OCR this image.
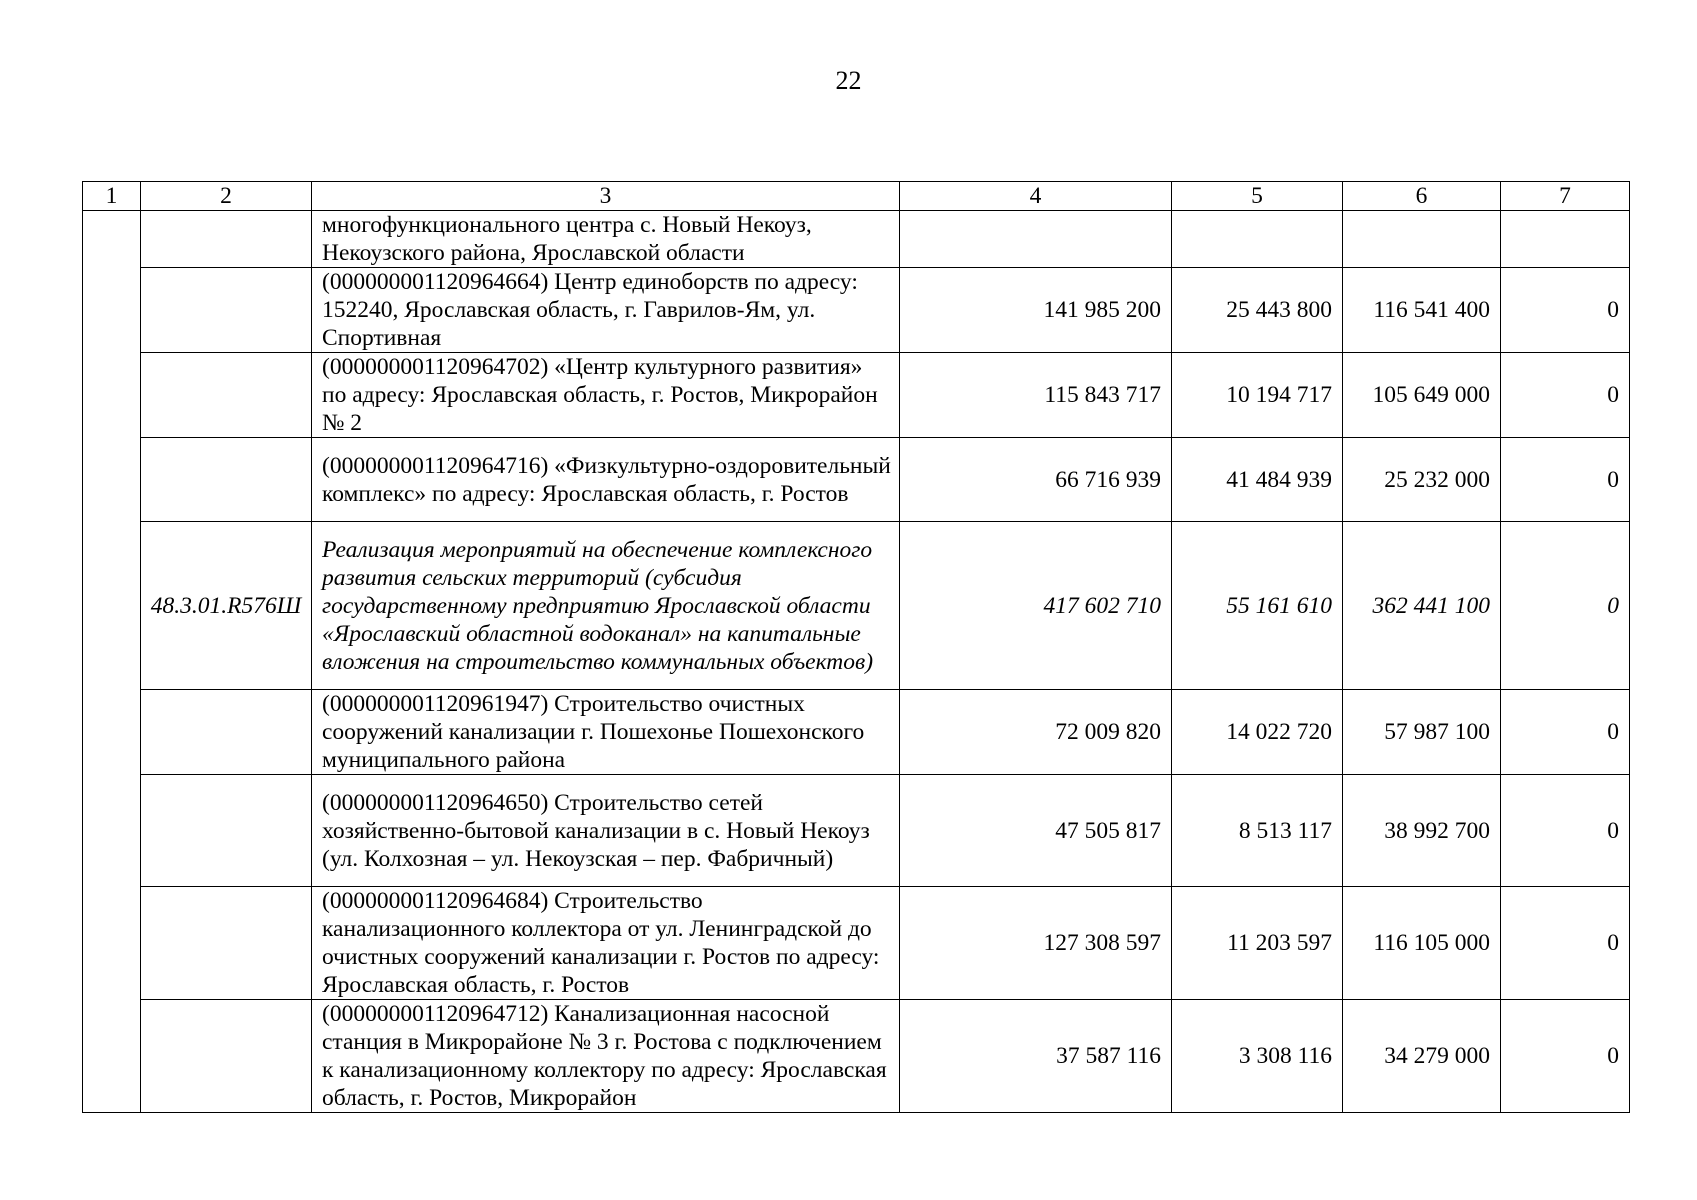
22
1	2	3	4	5	6	7
		многофункционального центра с. Новый Некоуз, Некоузского района, Ярославской области				
		(000000001120964664) Центр единоборств по адресу: 152240, Ярославская область, г. Гаврилов-Ям, ул. Спортивная	141 985 200	25 443 800	116 541 400	0
		(000000001120964702) «Центр культурного развития» по адресу: Ярославская область, г. Ростов, Микрорайон № 2	115 843 717	10 194 717	105 649 000	0
		(000000001120964716) «Физкультурно-оздоровительный комплекс» по адресу: Ярославская область, г. Ростов	66 716 939	41 484 939	25 232 000	0
	48.3.01.R576Ш	Реализация мероприятий на обеспечение комплексного развития сельских территорий (субсидия государственному предприятию Ярославской области «Ярославский областной водоканал» на капитальные вложения на строительство коммунальных объектов)	417 602 710	55 161 610	362 441 100	0
		(000000001120961947) Строительство очистных сооружений канализации г. Пошехонье Пошехонского муниципального района	72 009 820	14 022 720	57 987 100	0
		(000000001120964650) Строительство сетей хозяйственно-бытовой канализации в с. Новый Некоуз (ул. Колхозная – ул. Некоузская – пер. Фабричный)	47 505 817	8 513 117	38 992 700	0
		(000000001120964684) Строительство канализационного коллектора от ул. Ленинградской до очистных сооружений канализации г. Ростов по адресу: Ярославская область, г. Ростов	127 308 597	11 203 597	116 105 000	0
		(000000001120964712) Канализационная насосной станция в Микрорайоне № 3 г. Ростова с подключением к канализационному коллектору по адресу: Ярославская область, г. Ростов, Микрорайон	37 587 116	3 308 116	34 279 000	0
